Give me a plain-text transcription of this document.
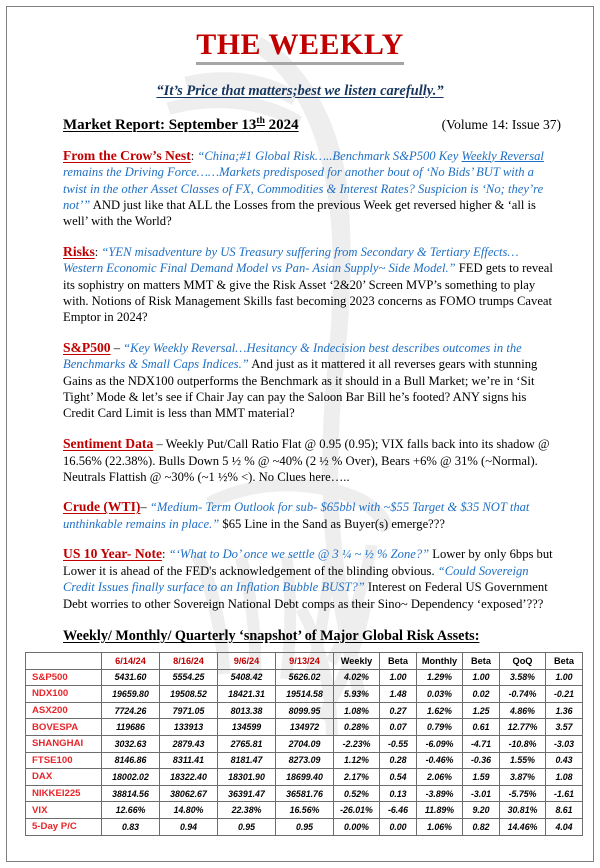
THE WEEKLY
“It’s Price that matters;best we listen carefully.”
Market Report: September 13th 2024	(Volume 14: Issue 37)

From the Crow’s Nest: “China;#1 Global Risk…..Benchmark S&P500 Key Weekly Reversal remains the Driving Force……Markets predisposed for another bout of ‘No Bids’ BUT with a twist in the other Asset Classes of FX, Commodities & Interest Rates? Suspicion is ‘No; they’re not’” AND just like that ALL the Losses from the previous Week get reversed higher & ‘all is well’ with the World?

Risks: “YEN misadventure by US Treasury suffering from Secondary & Tertiary Effects… Western Economic Final Demand Model vs Pan- Asian Supply~ Side Model.” FED gets to reveal its sophistry on matters MMT & give the Risk Asset ‘2&20’ Screen MVP’s something to play with. Notions of Risk Management Skills fast becoming 2023 concerns as FOMO trumps Caveat Emptor in 2024?

S&P500 – “Key Weekly Reversal…Hesitancy & Indecision best describes outcomes in the Benchmarks & Small Caps Indices.” And just as it mattered it all reverses gears with stunning Gains as the NDX100 outperforms the Benchmark as it should in a Bull Market; we’re in ‘Sit Tight’ Mode & let’s see if Chair Jay can pay the Saloon Bar Bill he’s footed? ANY signs his Credit Card Limit is less than MMT material?

Sentiment Data – Weekly Put/Call Ratio Flat @ 0.95 (0.95); VIX falls back into its shadow @ 16.56% (22.38%). Bulls Down 5 ½ % @ ~40% (2 ½ % Over), Bears +6% @ 31% (~Normal). Neutrals Flattish @ ~30% (~1 ½% <). No Clues here…..

Crude (WTI)– “Medium- Term Outlook for sub- $65bbl with ~$55 Target & $35 NOT that unthinkable remains in place.” $65 Line in the Sand as Buyer(s) emerge???

US 10 Year- Note: “‘What to Do’ once we settle @ 3 ¼ ~ ½ % Zone?” Lower by only 6bps but Lower it is ahead of the FED's acknowledgement of the blinding obvious. “Could Sovereign Credit Issues finally surface to an Inflation Bubble BUST?” Interest on Federal US Government Debt worries to other Sovereign National Debt comps as their Sino~ Dependency ‘exposed’???

Weekly/ Monthly/ Quarterly ‘snapshot’ of Major Global Risk Assets:
	6/14/24	8/16/24	9/6/24	9/13/24	Weekly	Beta	Monthly	Beta	QoQ	Beta
S&P500	5431.60	5554.25	5408.42	5626.02	4.02%	1.00	1.29%	1.00	3.58%	1.00
NDX100	19659.80	19508.52	18421.31	19514.58	5.93%	1.48	0.03%	0.02	-0.74%	-0.21
ASX200	7724.26	7971.05	8013.38	8099.95	1.08%	0.27	1.62%	1.25	4.86%	1.36
BOVESPA	119686	133913	134599	134972	0.28%	0.07	0.79%	0.61	12.77%	3.57
SHANGHAI	3032.63	2879.43	2765.81	2704.09	-2.23%	-0.55	-6.09%	-4.71	-10.8%	-3.03
FTSE100	8146.86	8311.41	8181.47	8273.09	1.12%	0.28	-0.46%	-0.36	1.55%	0.43
DAX	18002.02	18322.40	18301.90	18699.40	2.17%	0.54	2.06%	1.59	3.87%	1.08
NIKKEI225	38814.56	38062.67	36391.47	36581.76	0.52%	0.13	-3.89%	-3.01	-5.75%	-1.61
VIX	12.66%	14.80%	22.38%	16.56%	-26.01%	-6.46	11.89%	9.20	30.81%	8.61
5-Day P/C	0.83	0.94	0.95	0.95	0.00%	0.00	1.06%	0.82	14.46%	4.04
